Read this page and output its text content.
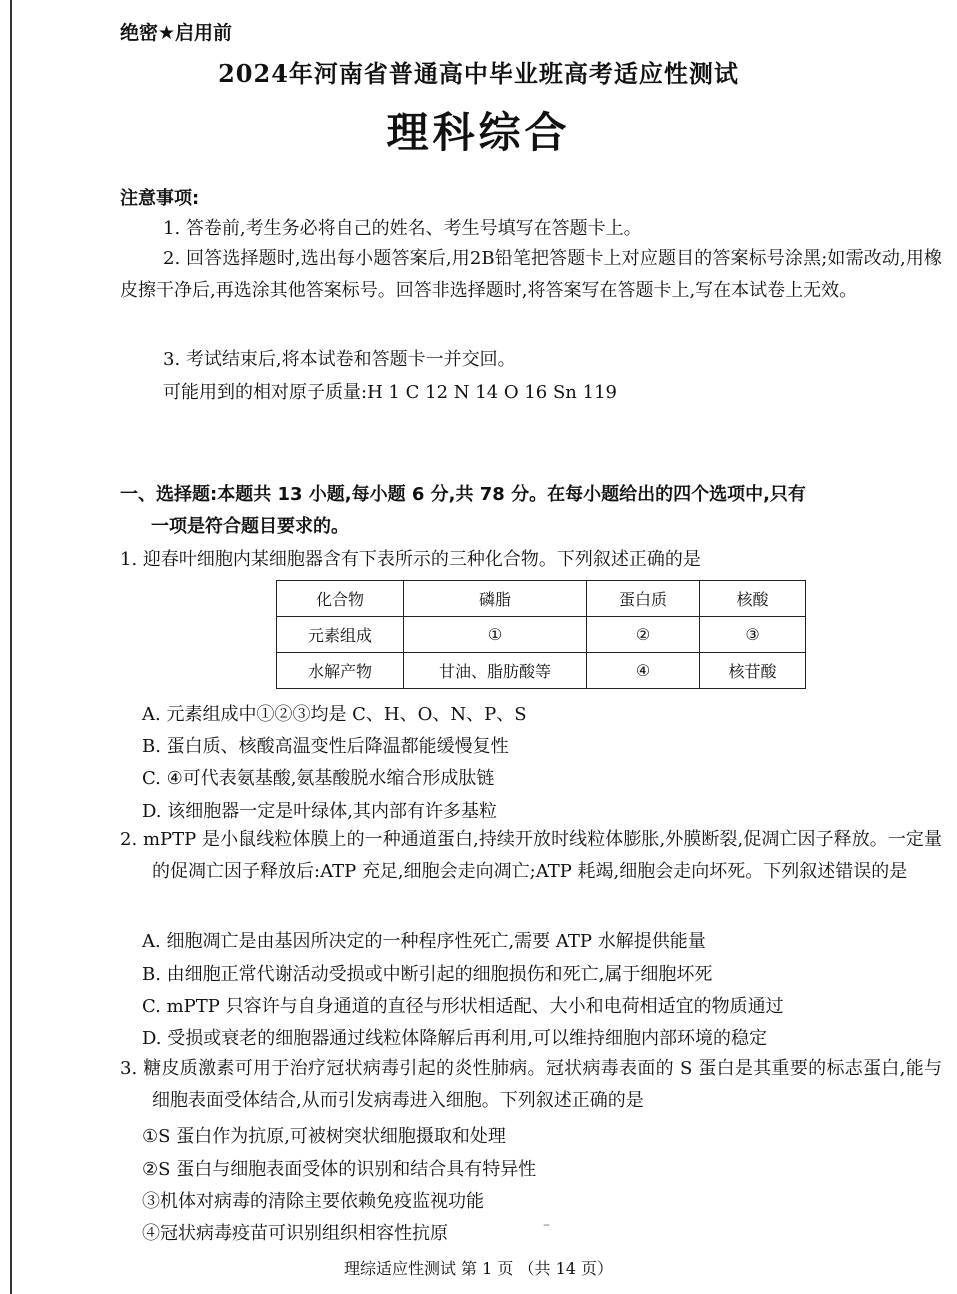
绝密★启用前
2024年河南省普通高中毕业班高考适应性测试
理科综合
注意事项:
1. 答卷前,考生务必将自己的姓名、考生号填写在答题卡上。
2. 回答选择题时,选出每小题答案后,用2B铅笔把答题卡上对应题目的答案标号涂黑;如需改动,用橡皮擦干净后,再选涂其他答案标号。回答非选择题时,将答案写在答题卡上,写在本试卷上无效。
3. 考试结束后,将本试卷和答题卡一并交回。
可能用到的相对原子质量:H 1 C 12 N 14 O 16 Sn 119
一、选择题:本题共 13 小题,每小题 6 分,共 78 分。在每小题给出的四个选项中,只有
一项是符合题目要求的。
1. 迎春叶细胞内某细胞器含有下表所示的三种化合物。下列叙述正确的是
化合物	磷脂	蛋白质	核酸
元素组成	①	②	③
水解产物	甘油、脂肪酸等	④	核苷酸
A. 元素组成中①②③均是 C、H、O、N、P、S
B. 蛋白质、核酸高温变性后降温都能缓慢复性
C. ④可代表氨基酸,氨基酸脱水缩合形成肽链
D. 该细胞器一定是叶绿体,其内部有许多基粒
2. mPTP 是小鼠线粒体膜上的一种通道蛋白,持续开放时线粒体膨胀,外膜断裂,促凋亡因子释放。一定量的促凋亡因子释放后:ATP 充足,细胞会走向凋亡;ATP 耗竭,细胞会走向坏死。下列叙述错误的是
A. 细胞凋亡是由基因所决定的一种程序性死亡,需要 ATP 水解提供能量
B. 由细胞正常代谢活动受损或中断引起的细胞损伤和死亡,属于细胞坏死
C. mPTP 只容许与自身通道的直径与形状相适配、大小和电荷相适宜的物质通过
D. 受损或衰老的细胞器通过线粒体降解后再利用,可以维持细胞内部环境的稳定
3. 糖皮质激素可用于治疗冠状病毒引起的炎性肺病。冠状病毒表面的 S 蛋白是其重要的标志蛋白,能与细胞表面受体结合,从而引发病毒进入细胞。下列叙述正确的是
①S 蛋白作为抗原,可被树突状细胞摄取和处理
②S 蛋白与细胞表面受体的识别和结合具有特异性
③机体对病毒的清除主要依赖免疫监视功能
④冠状病毒疫苗可识别组织相容性抗原	–
理综适应性测试 第 1 页 （共 14 页）
